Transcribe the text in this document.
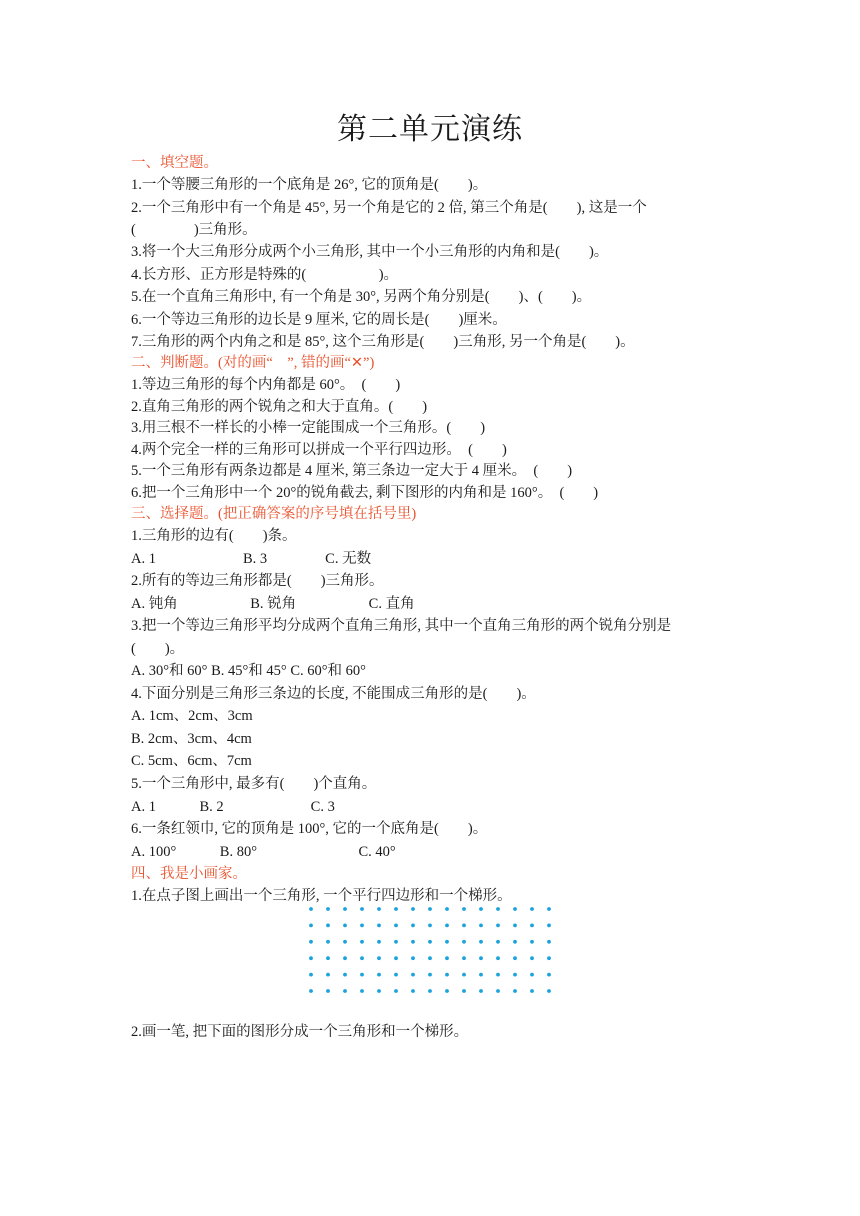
第二单元演练
一、填空题。
1.一个等腰三角形的一个底角是 26°, 它的顶角是(　　)。
2.一个三角形中有一个角是 45°, 另一个角是它的 2 倍, 第三个角是(　　), 这是一个
(　　　　)三角形。
3.将一个大三角形分成两个小三角形, 其中一个小三角形的内角和是(　　)。
4.长方形、正方形是特殊的(　　　　　)。
5.在一个直角三角形中, 有一个角是 30°, 另两个角分别是(　　)、(　　)。
6.一个等边三角形的边长是 9 厘米, 它的周长是(　　)厘米。
7.三角形的两个内角之和是 85°, 这个三角形是(　　)三角形, 另一个角是(　　)。
二、判断题。(对的画“　”, 错的画“✕”)
1.等边三角形的每个内角都是 60°。　(　　)
2.直角三角形的两个锐角之和大于直角。(　　)
3.用三根不一样长的小棒一定能围成一个三角形。(　　)
4.两个完全一样的三角形可以拼成一个平行四边形。　(　　)
5.一个三角形有两条边都是 4 厘米, 第三条边一定大于 4 厘米。　(　　)
6.把一个三角形中一个 20°的锐角截去, 剩下图形的内角和是 160°。　(　　)
三、选择题。(把正确答案的序号填在括号里)
1.三角形的边有(　　)条。
A. 1　　　　　　B. 3　　　　C. 无数
2.所有的等边三角形都是(　　)三角形。
A. 钝角　　　　　B. 锐角　　　　　C. 直角
3.把一个等边三角形平均分成两个直角三角形, 其中一个直角三角形的两个锐角分别是
(　　)。
A. 30°和 60° B. 45°和 45° C. 60°和 60°
4.下面分别是三角形三条边的长度, 不能围成三角形的是(　　)。
A. 1cm、2cm、3cm
B. 2cm、3cm、4cm
C. 5cm、6cm、7cm
5.一个三角形中, 最多有(　　)个直角。
A. 1　　　B. 2　　　　　　C. 3
6.一条红领巾, 它的顶角是 100°, 它的一个底角是(　　)。
A. 100°　　　B. 80°　　　　　　　C. 40°
四、我是小画家。
1.在点子图上画出一个三角形, 一个平行四边形和一个梯形。
2.画一笔, 把下面的图形分成一个三角形和一个梯形。
